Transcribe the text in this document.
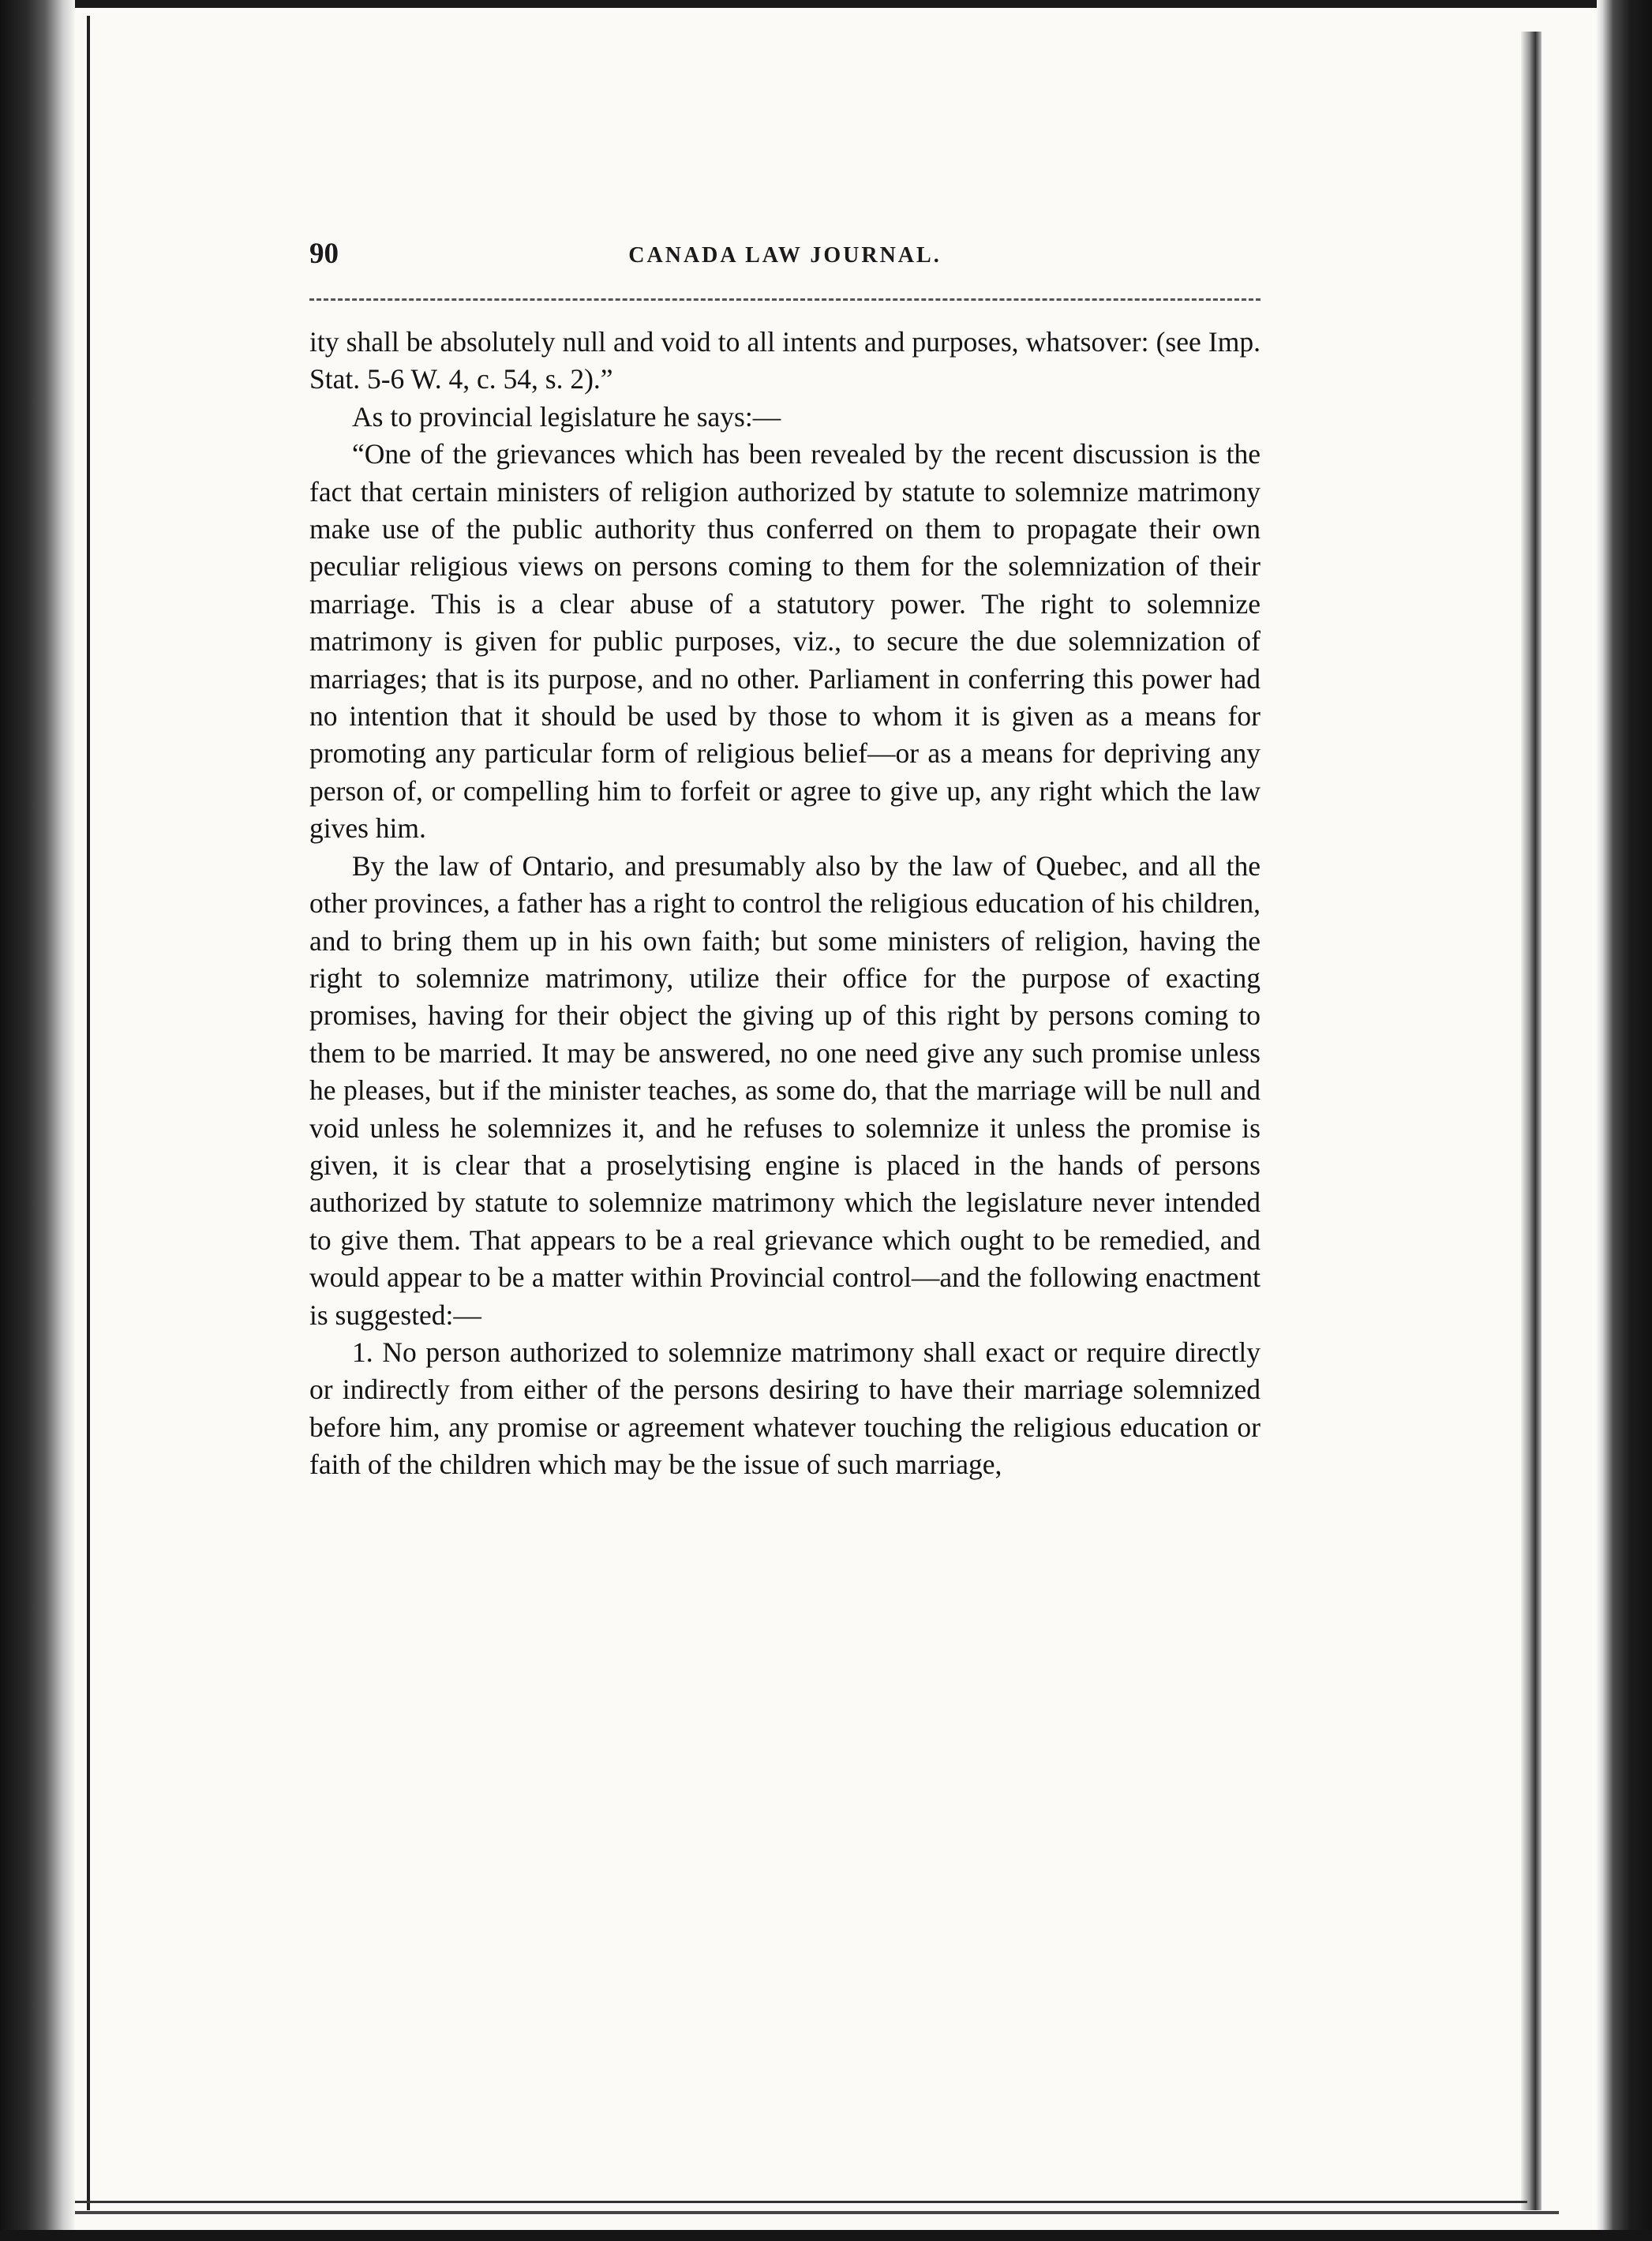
90	CANADA LAW JOURNAL.

ity shall be absolutely null and void to all intents and purposes, whatsover: (see Imp. Stat. 5-6 W. 4, c. 54, s. 2).”

As to provincial legislature he says:—

“One of the grievances which has been revealed by the recent discussion is the fact that certain ministers of religion authorized by statute to solemnize matrimony make use of the public authority thus conferred on them to propagate their own peculiar religious views on persons coming to them for the solemnization of their marriage. This is a clear abuse of a statutory power. The right to solemnize matrimony is given for public purposes, viz., to secure the due solemnization of marriages; that is its purpose, and no other. Parliament in conferring this power had no intention that it should be used by those to whom it is given as a means for promoting any particular form of religious belief—or as a means for depriving any person of, or compelling him to forfeit or agree to give up, any right which the law gives him.

By the law of Ontario, and presumably also by the law of Quebec, and all the other provinces, a father has a right to control the religious education of his children, and to bring them up in his own faith; but some ministers of religion, having the right to solemnize matrimony, utilize their office for the purpose of exacting promises, having for their object the giving up of this right by persons coming to them to be married. It may be answered, no one need give any such promise unless he pleases, but if the minister teaches, as some do, that the marriage will be null and void unless he solemnizes it, and he refuses to solemnize it unless the promise is given, it is clear that a proselytising engine is placed in the hands of persons authorized by statute to solemnize matrimony which the legislature never intended to give them. That appears to be a real grievance which ought to be remedied, and would appear to be a matter within Provincial control—and the following enactment is suggested:—

1. No person authorized to solemnize matrimony shall exact or require directly or indirectly from either of the persons desiring to have their marriage solemnized before him, any promise or agreement whatever touching the religious education or faith of the children which may be the issue of such marriage,
